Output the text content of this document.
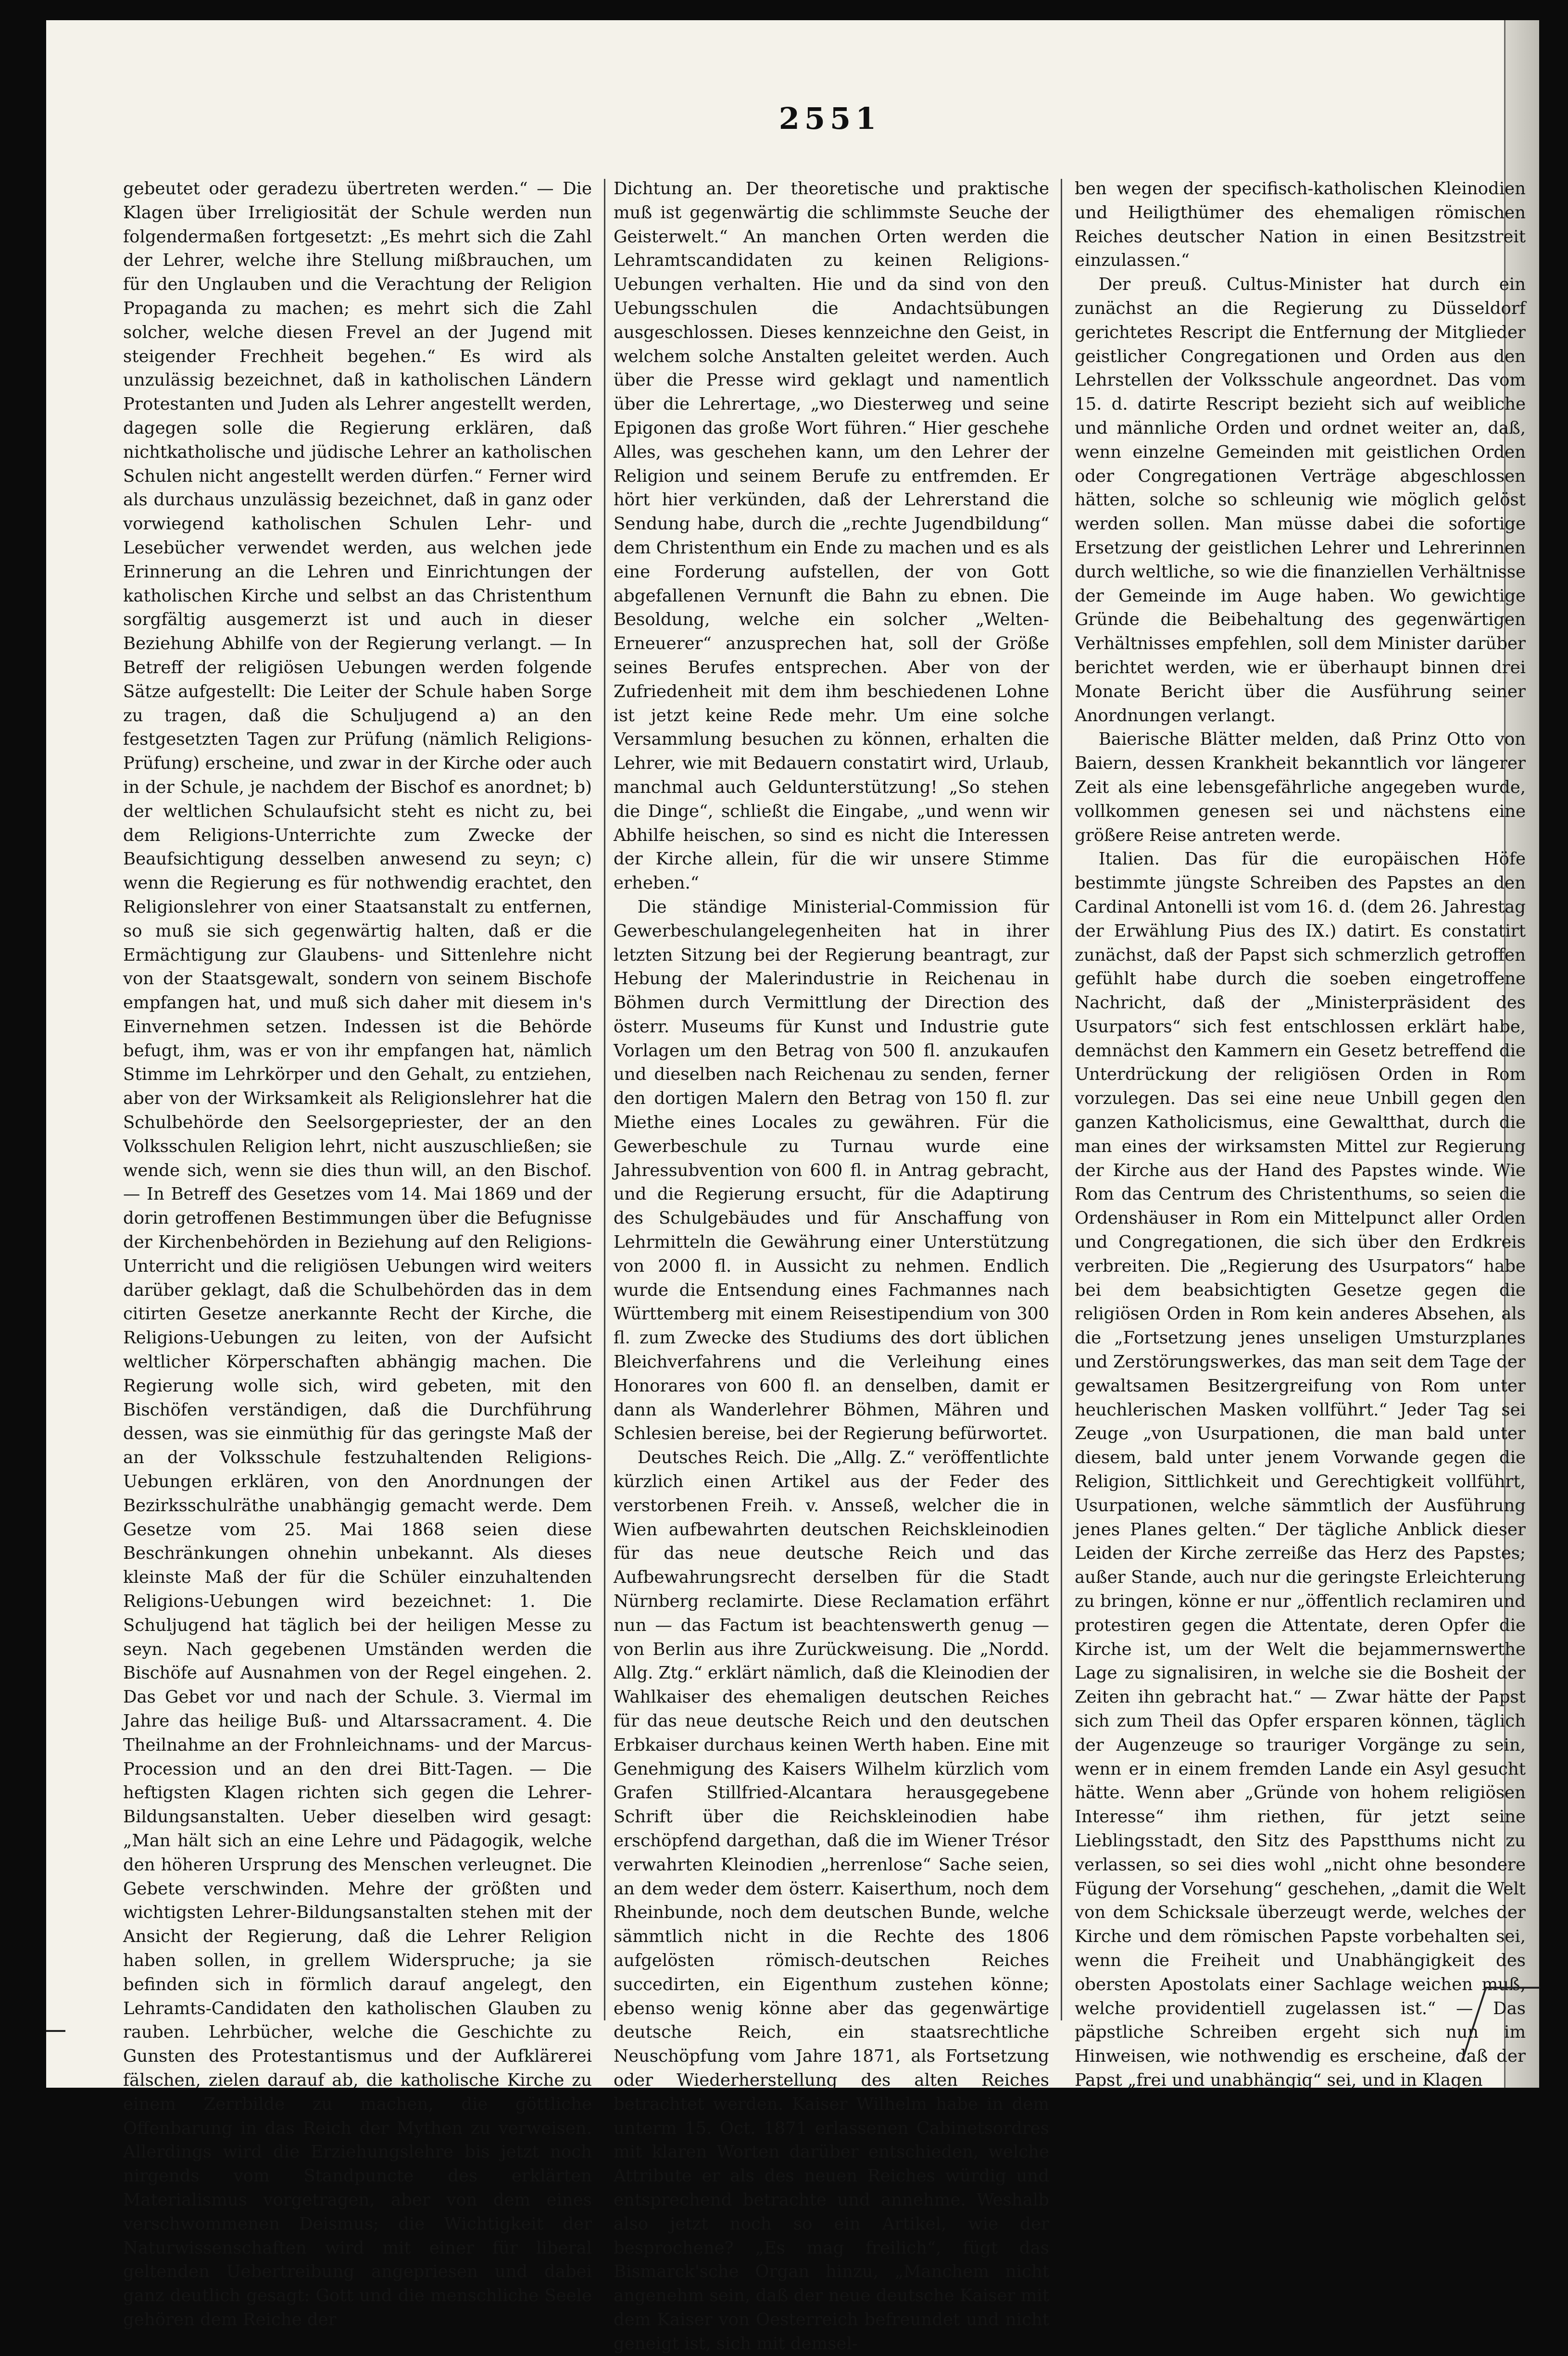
2551

gebeutet oder geradezu übertreten werden.“ — Die Klagen über Irreligiosität der Schule werden nun folgendermaßen fortgesetzt: „Es mehrt sich die Zahl der Lehrer, welche ihre Stellung mißbrauchen, um für den Unglauben und die Verachtung der Religion Propaganda zu machen; es mehrt sich die Zahl solcher, welche diesen Frevel an der Jugend mit steigender Frechheit begehen.“ Es wird als unzulässig bezeichnet, daß in katholischen Ländern Protestanten und Juden als Lehrer angestellt werden, dagegen solle die Regierung erklären, daß nichtkatholische und jüdische Lehrer an katholischen Schulen nicht angestellt werden dürfen.“ Ferner wird als durchaus unzulässig bezeichnet, daß in ganz oder vorwiegend katholischen Schulen Lehr- und Lesebücher verwendet werden, aus welchen jede Erinnerung an die Lehren und Einrichtungen der katholischen Kirche und selbst an das Christenthum sorgfältig ausgemerzt ist und auch in dieser Beziehung Abhilfe von der Regierung verlangt. — In Betreff der religiösen Uebungen werden folgende Sätze aufgestellt: Die Leiter der Schule haben Sorge zu tragen, daß die Schuljugend a) an den festgesetzten Tagen zur Prüfung (nämlich Religions-Prüfung) erscheine, und zwar in der Kirche oder auch in der Schule, je nachdem der Bischof es anordnet; b) der weltlichen Schulaufsicht steht es nicht zu, bei dem Religions-Unterrichte zum Zwecke der Beaufsichtigung desselben anwesend zu seyn; c) wenn die Regierung es für nothwendig erachtet, den Religionslehrer von einer Staatsanstalt zu entfernen, so muß sie sich gegenwärtig halten, daß er die Ermächtigung zur Glaubens- und Sittenlehre nicht von der Staatsgewalt, sondern von seinem Bischofe empfangen hat, und muß sich daher mit diesem in's Einvernehmen setzen. Indessen ist die Behörde befugt, ihm, was er von ihr empfangen hat, nämlich Stimme im Lehrkörper und den Gehalt, zu entziehen, aber von der Wirksamkeit als Religionslehrer hat die Schulbehörde den Seelsorgepriester, der an den Volksschulen Religion lehrt, nicht auszuschließen; sie wende sich, wenn sie dies thun will, an den Bischof. — In Betreff des Gesetzes vom 14. Mai 1869 und der dorin getroffenen Bestimmungen über die Befugnisse der Kirchenbehörden in Beziehung auf den Religions-Unterricht und die religiösen Uebungen wird weiters darüber geklagt, daß die Schulbehörden das in dem citirten Gesetze anerkannte Recht der Kirche, die Religions-Uebungen zu leiten, von der Aufsicht weltlicher Körperschaften abhängig machen. Die Regierung wolle sich, wird gebeten, mit den Bischöfen verständigen, daß die Durchführung dessen, was sie einmüthig für das geringste Maß der an der Volksschule festzuhaltenden Religions-Uebungen erklären, von den Anordnungen der Bezirksschulräthe unabhängig gemacht werde. Dem Gesetze vom 25. Mai 1868 seien diese Beschränkungen ohnehin unbekannt. Als dieses kleinste Maß der für die Schüler einzuhaltenden Religions-Uebungen wird bezeichnet: 1. Die Schuljugend hat täglich bei der heiligen Messe zu seyn. Nach gegebenen Umständen werden die Bischöfe auf Ausnahmen von der Regel eingehen. 2. Das Gebet vor und nach der Schule. 3. Viermal im Jahre das heilige Buß- und Altarssacrament. 4. Die Theilnahme an der Frohnleichnams- und der Marcus-Procession und an den drei Bitt-Tagen. — Die heftigsten Klagen richten sich gegen die Lehrer-Bildungsanstalten. Ueber dieselben wird gesagt: „Man hält sich an eine Lehre und Pädagogik, welche den höheren Ursprung des Menschen verleugnet. Die Gebete verschwinden. Mehre der größten und wichtigsten Lehrer-Bildungsanstalten stehen mit der Ansicht der Regierung, daß die Lehrer Religion haben sollen, in grellem Widerspruche; ja sie befinden sich in förmlich darauf angelegt, den Lehramts-Candidaten den katholischen Glauben zu rauben. Lehrbücher, welche die Geschichte zu Gunsten des Protestantismus und der Aufklärerei fälschen, zielen darauf ab, die katholische Kirche zu einem Zerrbilde zu machen, die göttliche Offenbarung in das Reich der Mythen zu verweisen. Allerdings wird die Erziehungslehre bis jetzt noch nirgends vom Standpuncte des erklärten Materialismus vorgetragen, aber von dem eines verschwommenen Deismus; die Wichtigkeit der Naturwissenschaften wird mit einer für liberal geltenden Uebertreibung angepriesen und dabei ganz deutlich gesagt: Gott und die menschliche Seele gehören dem Reiche der

Dichtung an. Der theoretische und praktische muß ist gegenwärtig die schlimmste Seuche der Geisterwelt.“ An manchen Orten werden die Lehramtscandidaten zu keinen Religions-Uebungen verhalten. Hie und da sind von den Uebungsschulen die Andachtsübungen ausgeschlossen. Dieses kennzeichne den Geist, in welchem solche Anstalten geleitet werden. Auch über die Presse wird geklagt und namentlich über die Lehrertage, „wo Diesterweg und seine Epigonen das große Wort führen.“ Hier geschehe Alles, was geschehen kann, um den Lehrer der Religion und seinem Berufe zu entfremden. Er hört hier verkünden, daß der Lehrerstand die Sendung habe, durch die „rechte Jugendbildung“ dem Christenthum ein Ende zu machen und es als eine Forderung aufstellen, der von Gott abgefallenen Vernunft die Bahn zu ebnen. Die Besoldung, welche ein solcher „Welten-Erneuerer“ anzusprechen hat, soll der Größe seines Berufes entsprechen. Aber von der Zufriedenheit mit dem ihm beschiedenen Lohne ist jetzt keine Rede mehr. Um eine solche Versammlung besuchen zu können, erhalten die Lehrer, wie mit Bedauern constatirt wird, Urlaub, manchmal auch Geldunterstützung! „So stehen die Dinge“, schließt die Eingabe, „und wenn wir Abhilfe heischen, so sind es nicht die Interessen der Kirche allein, für die wir unsere Stimme erheben.“

Die ständige Ministerial-Commission für Gewerbeschulangelegenheiten hat in ihrer letzten Sitzung bei der Regierung beantragt, zur Hebung der Malerindustrie in Reichenau in Böhmen durch Vermittlung der Direction des österr. Museums für Kunst und Industrie gute Vorlagen um den Betrag von 500 fl. anzukaufen und dieselben nach Reichenau zu senden, ferner den dortigen Malern den Betrag von 150 fl. zur Miethe eines Locales zu gewähren. Für die Gewerbeschule zu Turnau wurde eine Jahressubvention von 600 fl. in Antrag gebracht, und die Regierung ersucht, für die Adaptirung des Schulgebäudes und für Anschaffung von Lehrmitteln die Gewährung einer Unterstützung von 2000 fl. in Aussicht zu nehmen. Endlich wurde die Entsendung eines Fachmannes nach Württemberg mit einem Reisestipendium von 300 fl. zum Zwecke des Studiums des dort üblichen Bleichverfahrens und die Verleihung eines Honorares von 600 fl. an denselben, damit er dann als Wanderlehrer Böhmen, Mähren und Schlesien bereise, bei der Regierung befürwortet.

Deutsches Reich. Die „Allg. Z.“ veröffentlichte kürzlich einen Artikel aus der Feder des verstorbenen Freih. v. Ansseß, welcher die in Wien aufbewahrten deutschen Reichskleinodien für das neue deutsche Reich und das Aufbewahrungsrecht derselben für die Stadt Nürnberg reclamirte. Diese Reclamation erfährt nun — das Factum ist beachtenswerth genug — von Berlin aus ihre Zurückweisung. Die „Nordd. Allg. Ztg.“ erklärt nämlich, daß die Kleinodien der Wahlkaiser des ehemaligen deutschen Reiches für das neue deutsche Reich und den deutschen Erbkaiser durchaus keinen Werth haben. Eine mit Genehmigung des Kaisers Wilhelm kürzlich vom Grafen Stillfried-Alcantara herausgegebene Schrift über die Reichskleinodien habe erschöpfend dargethan, daß die im Wiener Trésor verwahrten Kleinodien „herrenlose“ Sache seien, an dem weder dem österr. Kaiserthum, noch dem Rheinbunde, noch dem deutschen Bunde, welche sämmtlich nicht in die Rechte des 1806 aufgelösten römisch-deutschen Reiches succedirten, ein Eigenthum zustehen könne; ebenso wenig könne aber das gegenwärtige deutsche Reich, ein staatsrechtliche Neuschöpfung vom Jahre 1871, als Fortsetzung oder Wiederherstellung des alten Reiches betrachtet werden. Kaiser Wilhelm habe in dem unterm 15. Oct. 1871 erlassenen Cabinetsordres mit klaren Worten darüber entschieden, welche Attribute er als des neuen Reiches würdig und entsprechend betrachte und annehme. Weshalb also jetzt noch so ein Artikel, wie der besprochene? „Es mag freilich“, fügt das Bismarck'sche Organ hinzu, „Manchem nicht angenehm sein, daß der neue deutsche Kaiser mit dem Kaiser von Oesterreich befreundet und nicht geneigt ist, sich mit demsel-

ben wegen der specifisch-katholischen Kleinodien und Heiligthümer des ehemaligen römischen Reiches deutscher Nation in einen Besitzstreit einzulassen.“

Der preuß. Cultus-Minister hat durch ein zunächst an die Regierung zu Düsseldorf gerichtetes Rescript die Entfernung der Mitglieder geistlicher Congregationen und Orden aus den Lehrstellen der Volksschule angeordnet. Das vom 15. d. datirte Rescript bezieht sich auf weibliche und männliche Orden und ordnet weiter an, daß, wenn einzelne Gemeinden mit geistlichen Orden oder Congregationen Verträge abgeschlossen hätten, solche so schleunig wie möglich gelöst werden sollen. Man müsse dabei die sofortige Ersetzung der geistlichen Lehrer und Lehrerinnen durch weltliche, so wie die finanziellen Verhältnisse der Gemeinde im Auge haben. Wo gewichtige Gründe die Beibehaltung des gegenwärtigen Verhältnisses empfehlen, soll dem Minister darüber berichtet werden, wie er überhaupt binnen drei Monate Bericht über die Ausführung seiner Anordnungen verlangt.

Baierische Blätter melden, daß Prinz Otto von Baiern, dessen Krankheit bekanntlich vor längerer Zeit als eine lebensgefährliche angegeben wurde, vollkommen genesen sei und nächstens eine größere Reise antreten werde.

Italien. Das für die europäischen Höfe bestimmte jüngste Schreiben des Papstes an den Cardinal Antonelli ist vom 16. d. (dem 26. Jahrestag der Erwählung Pius des IX.) datirt. Es constatirt zunächst, daß der Papst sich schmerzlich getroffen gefühlt habe durch die soeben eingetroffene Nachricht, daß der „Ministerpräsident des Usurpators“ sich fest entschlossen erklärt habe, demnächst den Kammern ein Gesetz betreffend die Unterdrückung der religiösen Orden in Rom vorzulegen. Das sei eine neue Unbill gegen den ganzen Katholicismus, eine Gewaltthat, durch die man eines der wirksamsten Mittel zur Regierung der Kirche aus der Hand des Papstes winde. Wie Rom das Centrum des Christenthums, so seien die Ordenshäuser in Rom ein Mittelpunct aller Orden und Congregationen, die sich über den Erdkreis verbreiten. Die „Regierung des Usurpators“ habe bei dem beabsichtigten Gesetze gegen die religiösen Orden in Rom kein anderes Absehen, als die „Fortsetzung jenes unseligen Umsturzplanes und Zerstörungswerkes, das man seit dem Tage der gewaltsamen Besitzergreifung von Rom unter heuchlerischen Masken vollführt.“ Jeder Tag sei Zeuge „von Usurpationen, die man bald unter diesem, bald unter jenem Vorwande gegen die Religion, Sittlichkeit und Gerechtigkeit vollführt, Usurpationen, welche sämmtlich der Ausführung jenes Planes gelten.“ Der tägliche Anblick dieser Leiden der Kirche zerreiße das Herz des Papstes; außer Stande, auch nur die geringste Erleichterung zu bringen, könne er nur „öffentlich reclamiren und protestiren gegen die Attentate, deren Opfer die Kirche ist, um der Welt die bejammernswerthe Lage zu signalisiren, in welche sie die Bosheit der Zeiten ihn gebracht hat.“ — Zwar hätte der Papst sich zum Theil das Opfer ersparen können, täglich der Augenzeuge so trauriger Vorgänge zu sein, wenn er in einem fremden Lande ein Asyl gesucht hätte. Wenn aber „Gründe von hohem religiösen Interesse“ ihm riethen, für jetzt seine Lieblingsstadt, den Sitz des Papstthums nicht zu verlassen, so sei dies wohl „nicht ohne besondere Fügung der Vorsehung“ geschehen, „damit die Welt von dem Schicksale überzeugt werde, welches der Kirche und dem römischen Papste vorbehalten sei, wenn die Freiheit und Unabhängigkeit des obersten Apostolats einer Sachlage weichen muß, welche providentiell zugelassen ist.“ — Das päpstliche Schreiben ergeht sich nun im Hinweisen, wie nothwendig es erscheine, daß der Papst „frei und unabhängig“ sei, und in Klagen
